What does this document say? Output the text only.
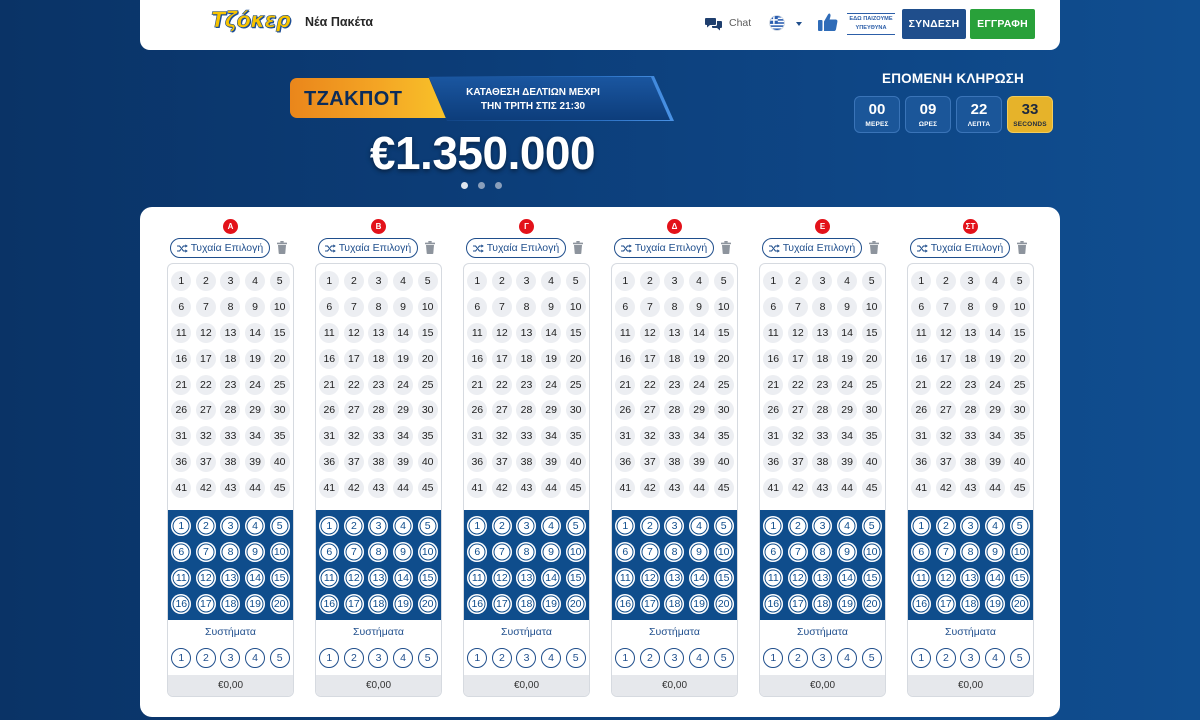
Τζόκερ Νέα Πακέτα	Chat	ΕΔΩ ΠΑΙΖΟΥΜΕ
ΥΠΕΥΘΥΝΑ	ΣΥΝΔΕΣΗ	ΕΓΓΡΑΦΗ
ΤΖΑΚΠΟΤ	ΚΑΤΑΘΕΣΗ ΔΕΛΤΙΩΝ ΜΕΧΡΙ
ΤΗΝ ΤΡΙΤΗ ΣΤΙΣ 21:30
€1.350.000
ΕΠΟΜΕΝΗ ΚΛΗΡΩΣΗ
00
ΜΕΡΕΣ
09
ΩΡΕΣ
22
ΛΕΠΤΑ
33
SECONDS
Α
Τυχαία Επιλογή
1	2	3	4	5
6	7	8	9	10
11	12	13	14	15
16	17	18	19	20
21	22	23	24	25
26	27	28	29	30
31	32	33	34	35
36	37	38	39	40
41	42	43	44	45
1	2	3	4	5
6	7	8	9	10
11	12	13	14	15
16	17	18	19	20
Συστήματα
1	2	3	4	5
€0,00
Β
Τυχαία Επιλογή
1	2	3	4	5
6	7	8	9	10
11	12	13	14	15
16	17	18	19	20
21	22	23	24	25
26	27	28	29	30
31	32	33	34	35
36	37	38	39	40
41	42	43	44	45
1	2	3	4	5
6	7	8	9	10
11	12	13	14	15
16	17	18	19	20
Συστήματα
1	2	3	4	5
€0,00
Γ
Τυχαία Επιλογή
1	2	3	4	5
6	7	8	9	10
11	12	13	14	15
16	17	18	19	20
21	22	23	24	25
26	27	28	29	30
31	32	33	34	35
36	37	38	39	40
41	42	43	44	45
1	2	3	4	5
6	7	8	9	10
11	12	13	14	15
16	17	18	19	20
Συστήματα
1	2	3	4	5
€0,00
Δ
Τυχαία Επιλογή
1	2	3	4	5
6	7	8	9	10
11	12	13	14	15
16	17	18	19	20
21	22	23	24	25
26	27	28	29	30
31	32	33	34	35
36	37	38	39	40
41	42	43	44	45
1	2	3	4	5
6	7	8	9	10
11	12	13	14	15
16	17	18	19	20
Συστήματα
1	2	3	4	5
€0,00
Ε
Τυχαία Επιλογή
1	2	3	4	5
6	7	8	9	10
11	12	13	14	15
16	17	18	19	20
21	22	23	24	25
26	27	28	29	30
31	32	33	34	35
36	37	38	39	40
41	42	43	44	45
1	2	3	4	5
6	7	8	9	10
11	12	13	14	15
16	17	18	19	20
Συστήματα
1	2	3	4	5
€0,00
ΣΤ
Τυχαία Επιλογή
1	2	3	4	5
6	7	8	9	10
11	12	13	14	15
16	17	18	19	20
21	22	23	24	25
26	27	28	29	30
31	32	33	34	35
36	37	38	39	40
41	42	43	44	45
1	2	3	4	5
6	7	8	9	10
11	12	13	14	15
16	17	18	19	20
Συστήματα
1	2	3	4	5
€0,00
